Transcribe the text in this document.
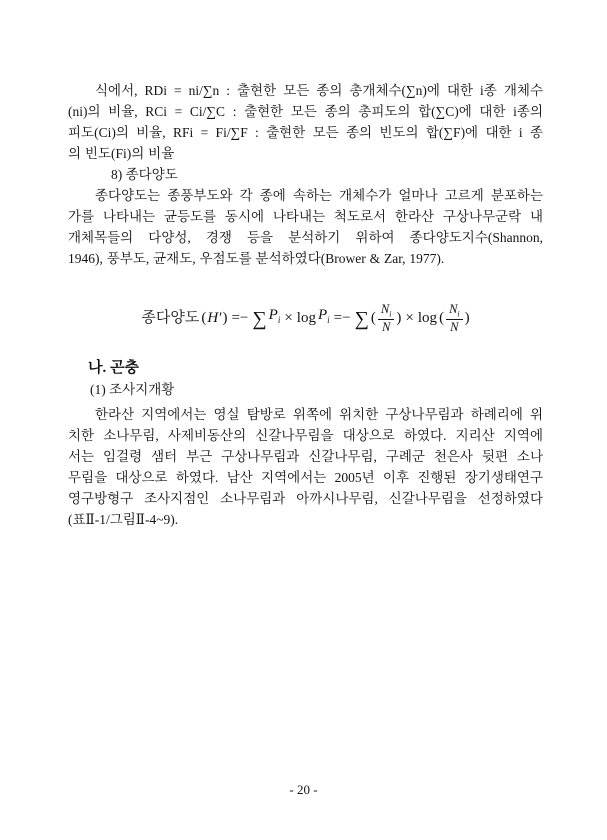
식에서, RDi = ni/∑n : 출현한 모든 종의 총개체수(∑n)에 대한 i종 개체수
(ni)의 비율, RCi = Ci/∑C : 출현한 모든 종의 총피도의 합(∑C)에 대한 i종의
피도(Ci)의 비율, RFi = Fi/∑F : 출현한 모든 종의 빈도의 합(∑F)에 대한 i 종
의 빈도(Fi)의 비율
8) 종다양도
종다양도는 종풍부도와 각 종에 속하는 개체수가 얼마나 고르게 분포하는
가를 나타내는 균등도를 동시에 나타내는 척도로서 한라산 구상나무군락 내
개체목들의 다양성, 경쟁 등을 분석하기 위하여 종다양도지수(Shannon,
1946), 풍부도, 균재도, 우점도를 분석하였다(Brower & Zar, 1977).
종다양도 ( H′ ) =− ∑ $P_i \times \log P_i$ =− ∑ ( $\frac{N_i}{N}$ ) × log ( $\frac{N_i}{N}$ )
나. 곤충
(1) 조사지개황
한라산 지역에서는 영실 탐방로 위쪽에 위치한 구상나무림과 하례리에 위
치한 소나무림, 사제비동산의 신갈나무림을 대상으로 하였다. 지리산 지역에
서는 임걸령 샘터 부근 구상나무림과 신갈나무림, 구례군 천은사 뒷편 소나
무림을 대상으로 하였다. 남산 지역에서는 2005년 이후 진행된 장기생태연구
영구방형구 조사지점인 소나무림과 아까시나무림, 신갈나무림을 선정하였다
(표Ⅱ-1/그림Ⅱ-4~9).
- 20 -
